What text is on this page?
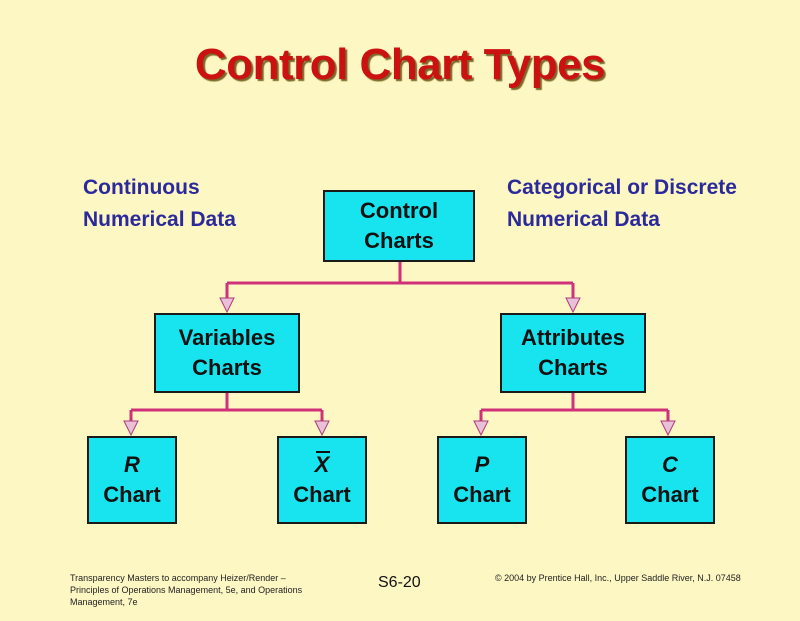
Control Chart Types
Continuous
Numerical Data
Categorical or Discrete
Numerical Data
Control
Charts
Variables
Charts
Attributes
Charts
R
Chart
X
Chart
P
Chart
C
Chart
Transparency Masters to accompany Heizer/Render –
Principles of Operations Management, 5e, and Operations
Management, 7e
S6-20	© 2004 by Prentice Hall, Inc., Upper Saddle River, N.J. 07458
